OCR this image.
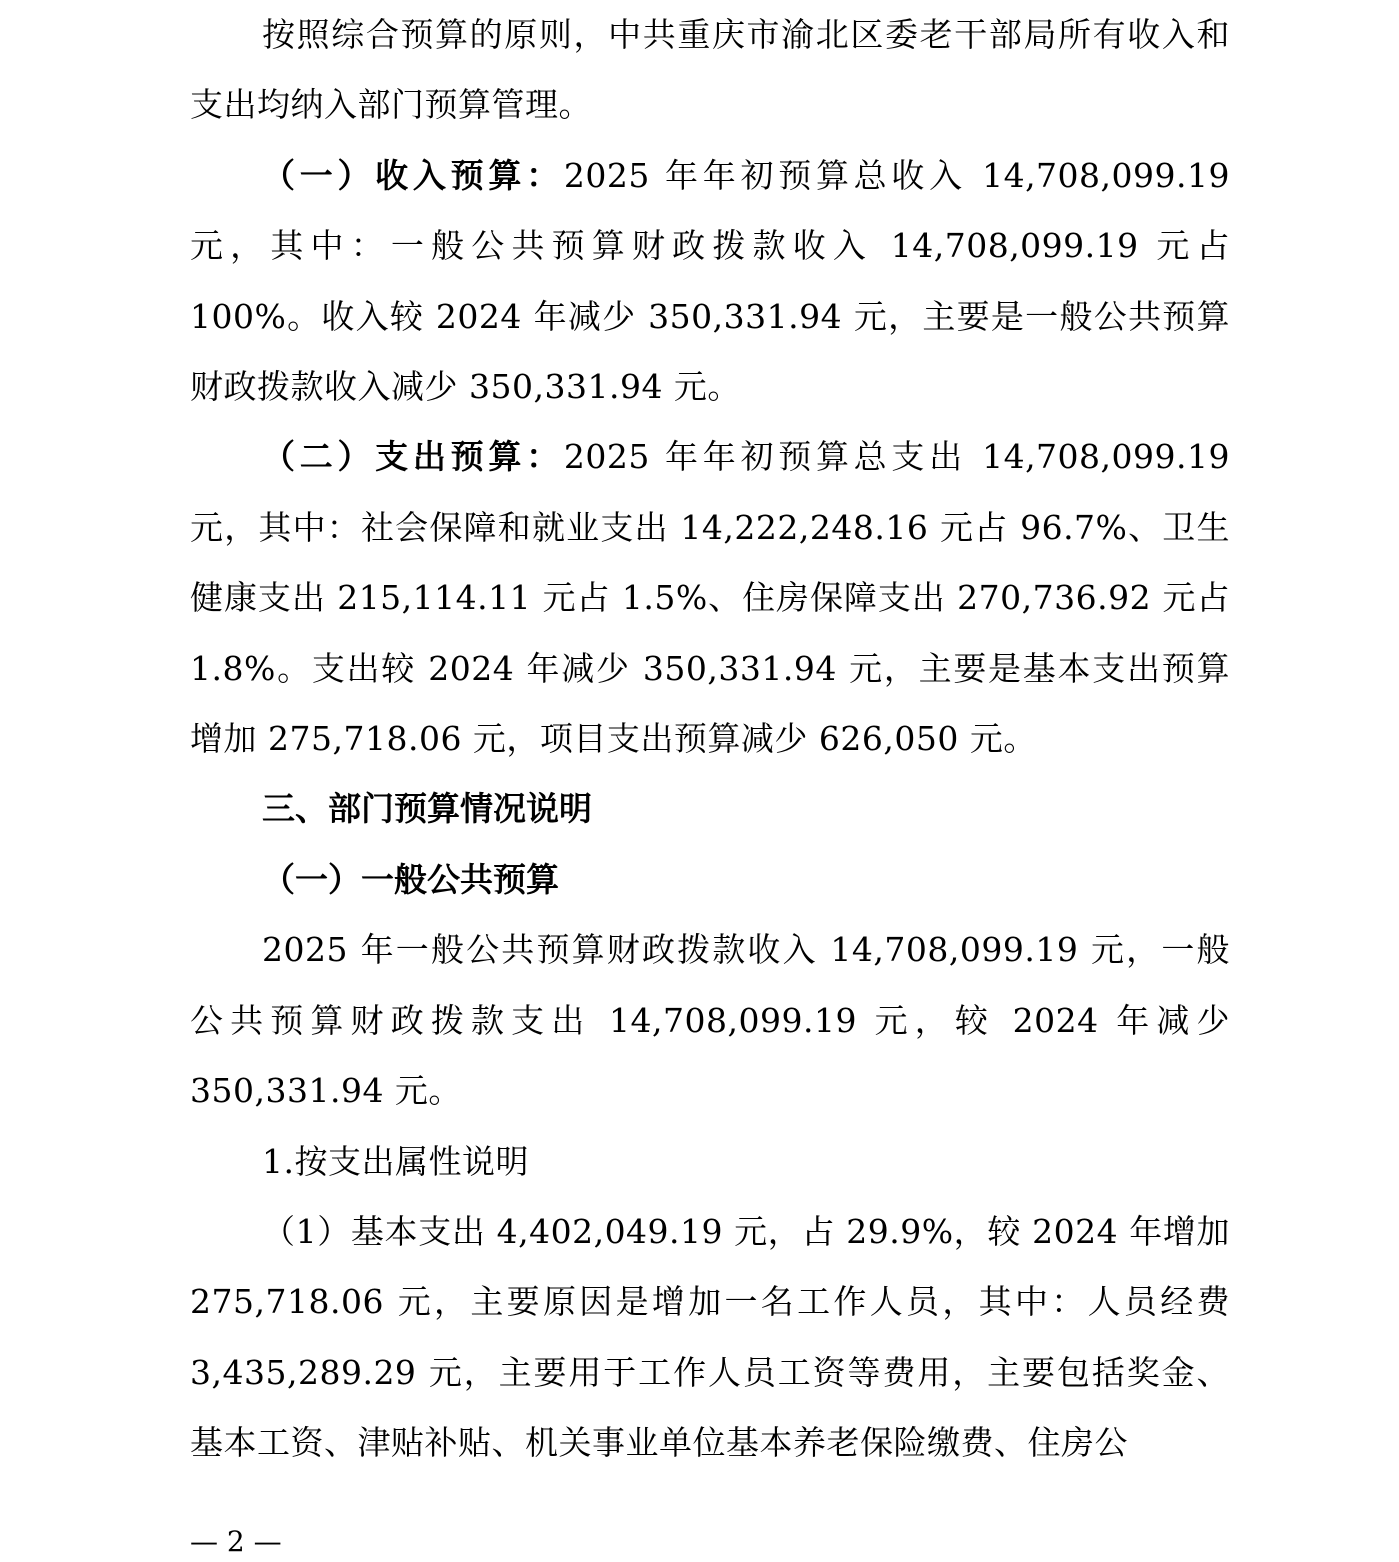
按照综合预算的原则，中共重庆市渝北区委老干部局所有收入和支出均纳入部门预算管理。

（一）收入预算：2025 年年初预算总收入 14,708,099.19 元，其中：一般公共预算财政拨款收入 14,708,099.19 元占 100%。收入较 2024 年减少 350,331.94 元，主要是一般公共预算财政拨款收入减少 350,331.94 元。

（二）支出预算：2025 年年初预算总支出 14,708,099.19 元，其中：社会保障和就业支出 14,222,248.16 元占 96.7%、卫生健康支出 215,114.11 元占 1.5%、住房保障支出 270,736.92 元占 1.8%。支出较 2024 年减少 350,331.94 元，主要是基本支出预算增加 275,718.06 元，项目支出预算减少 626,050 元。

三、部门预算情况说明

（一）一般公共预算

2025 年一般公共预算财政拨款收入 14,708,099.19 元，一般公共预算财政拨款支出 14,708,099.19 元，较 2024 年减少 350,331.94 元。

1.按支出属性说明

（1）基本支出 4,402,049.19 元，占 29.9%，较 2024 年增加 275,718.06 元，主要原因是增加一名工作人员，其中：人员经费 3,435,289.29 元，主要用于工作人员工资等费用，主要包括奖金、基本工资、津贴补贴、机关事业单位基本养老保险缴费、住房公

— 2 —
